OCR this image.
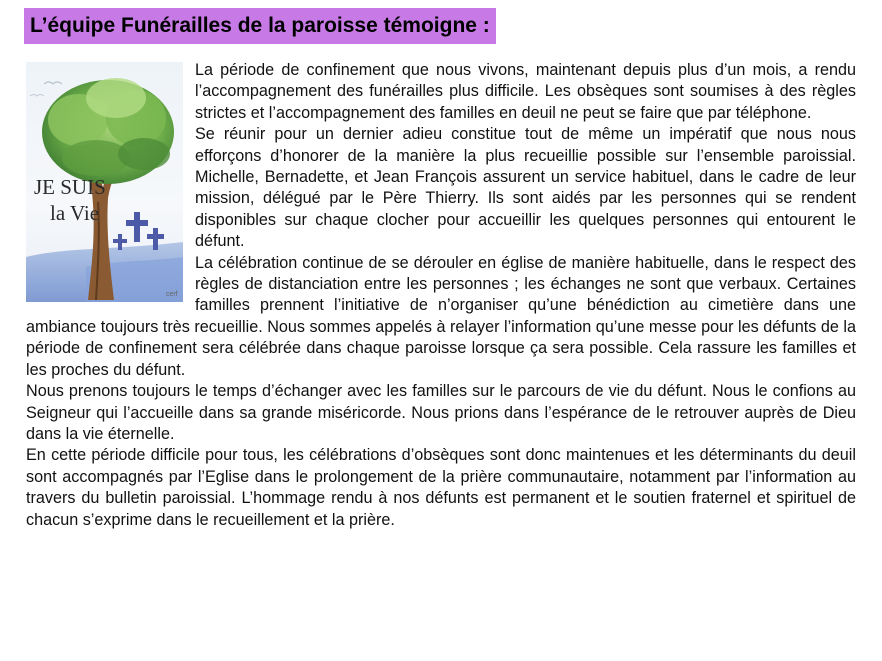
L’équipe Funérailles de la paroisse témoigne :
JE SUIS
la Vie
cerf

La période de confinement que nous vivons, maintenant depuis plus d’un mois, a rendu l’accompagnement des funérailles plus difficile. Les obsèques sont soumises à des règles strictes et l’accompagnement des familles en deuil ne peut se faire que par téléphone.

Se réunir pour un dernier adieu constitue tout de même un impératif que nous nous efforçons d’honorer de la manière la plus recueillie possible sur l’ensemble paroissial. Michelle, Bernadette, et Jean François assurent un service habituel, dans le cadre de leur mission, délégué par le Père Thierry. Ils sont aidés par les personnes qui se rendent disponibles sur chaque clocher pour accueillir les quelques personnes qui entourent le défunt.

La célébration continue de se dérouler en église de manière habituelle, dans le respect des règles de distanciation entre les personnes ; les échanges ne sont que verbaux. Certaines familles prennent l’initiative de n’organiser qu’une bénédiction au cimetière dans une ambiance toujours très recueillie. Nous sommes appelés à relayer l’information qu’une messe pour les défunts de la période de confinement sera célébrée dans chaque paroisse lorsque ça sera possible. Cela rassure les familles et les proches du défunt.

Nous prenons toujours le temps d’échanger avec les familles sur le parcours de vie du défunt. Nous le confions au Seigneur qui l’accueille dans sa grande miséricorde. Nous prions dans l’espérance de le retrouver auprès de Dieu dans la vie éternelle.

En cette période difficile pour tous, les célébrations d’obsèques sont donc maintenues et les déterminants du deuil sont accompagnés par l’Eglise dans le prolongement de la prière communautaire, notamment par l’information au travers du bulletin paroissial. L’hommage rendu à nos défunts est permanent et le soutien fraternel et spirituel de chacun s’exprime dans le recueillement et la prière.
